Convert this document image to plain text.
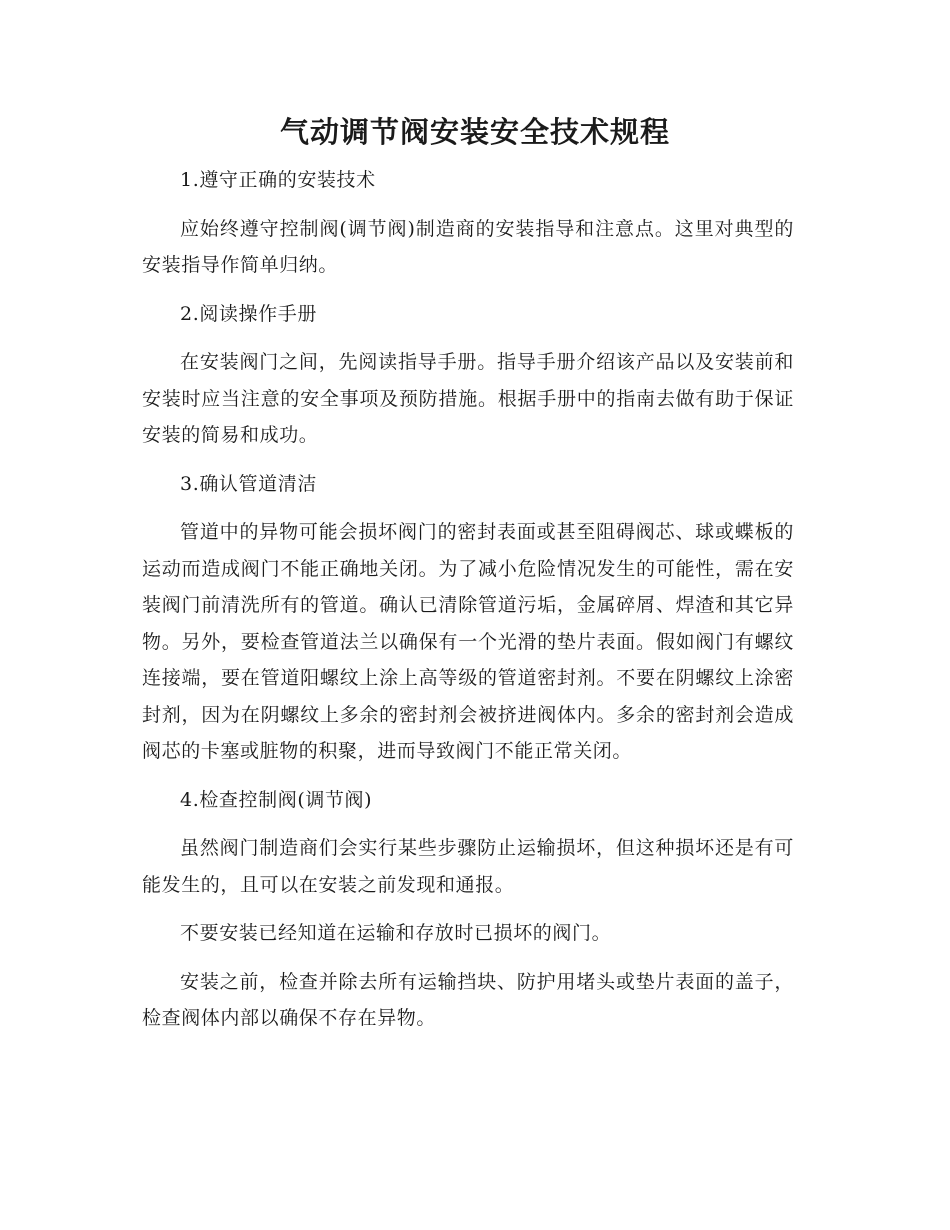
气动调节阀安装安全技术规程

1.遵守正确的安装技术

应始终遵守控制阀(调节阀)制造商的安装指导和注意点。这里对典型的安装指导作简单归纳。

2.阅读操作手册

在安装阀门之间，先阅读指导手册。指导手册介绍该产品以及安装前和安装时应当注意的安全事项及预防措施。根据手册中的指南去做有助于保证安装的简易和成功。

3.确认管道清洁

管道中的异物可能会损坏阀门的密封表面或甚至阻碍阀芯、球或蝶板的运动而造成阀门不能正确地关闭。为了减小危险情况发生的可能性，需在安装阀门前清洗所有的管道。确认已清除管道污垢，金属碎屑、焊渣和其它异物。另外，要检查管道法兰以确保有一个光滑的垫片表面。假如阀门有螺纹连接端，要在管道阳螺纹上涂上高等级的管道密封剂。不要在阴螺纹上涂密封剂，因为在阴螺纹上多余的密封剂会被挤进阀体内。多余的密封剂会造成阀芯的卡塞或脏物的积聚，进而导致阀门不能正常关闭。

4.检查控制阀(调节阀)

虽然阀门制造商们会实行某些步骤防止运输损坏，但这种损坏还是有可能发生的，且可以在安装之前发现和通报。

不要安装已经知道在运输和存放时已损坏的阀门。

安装之前，检查并除去所有运输挡块、防护用堵头或垫片表面的盖子，检查阀体内部以确保不存在异物。
